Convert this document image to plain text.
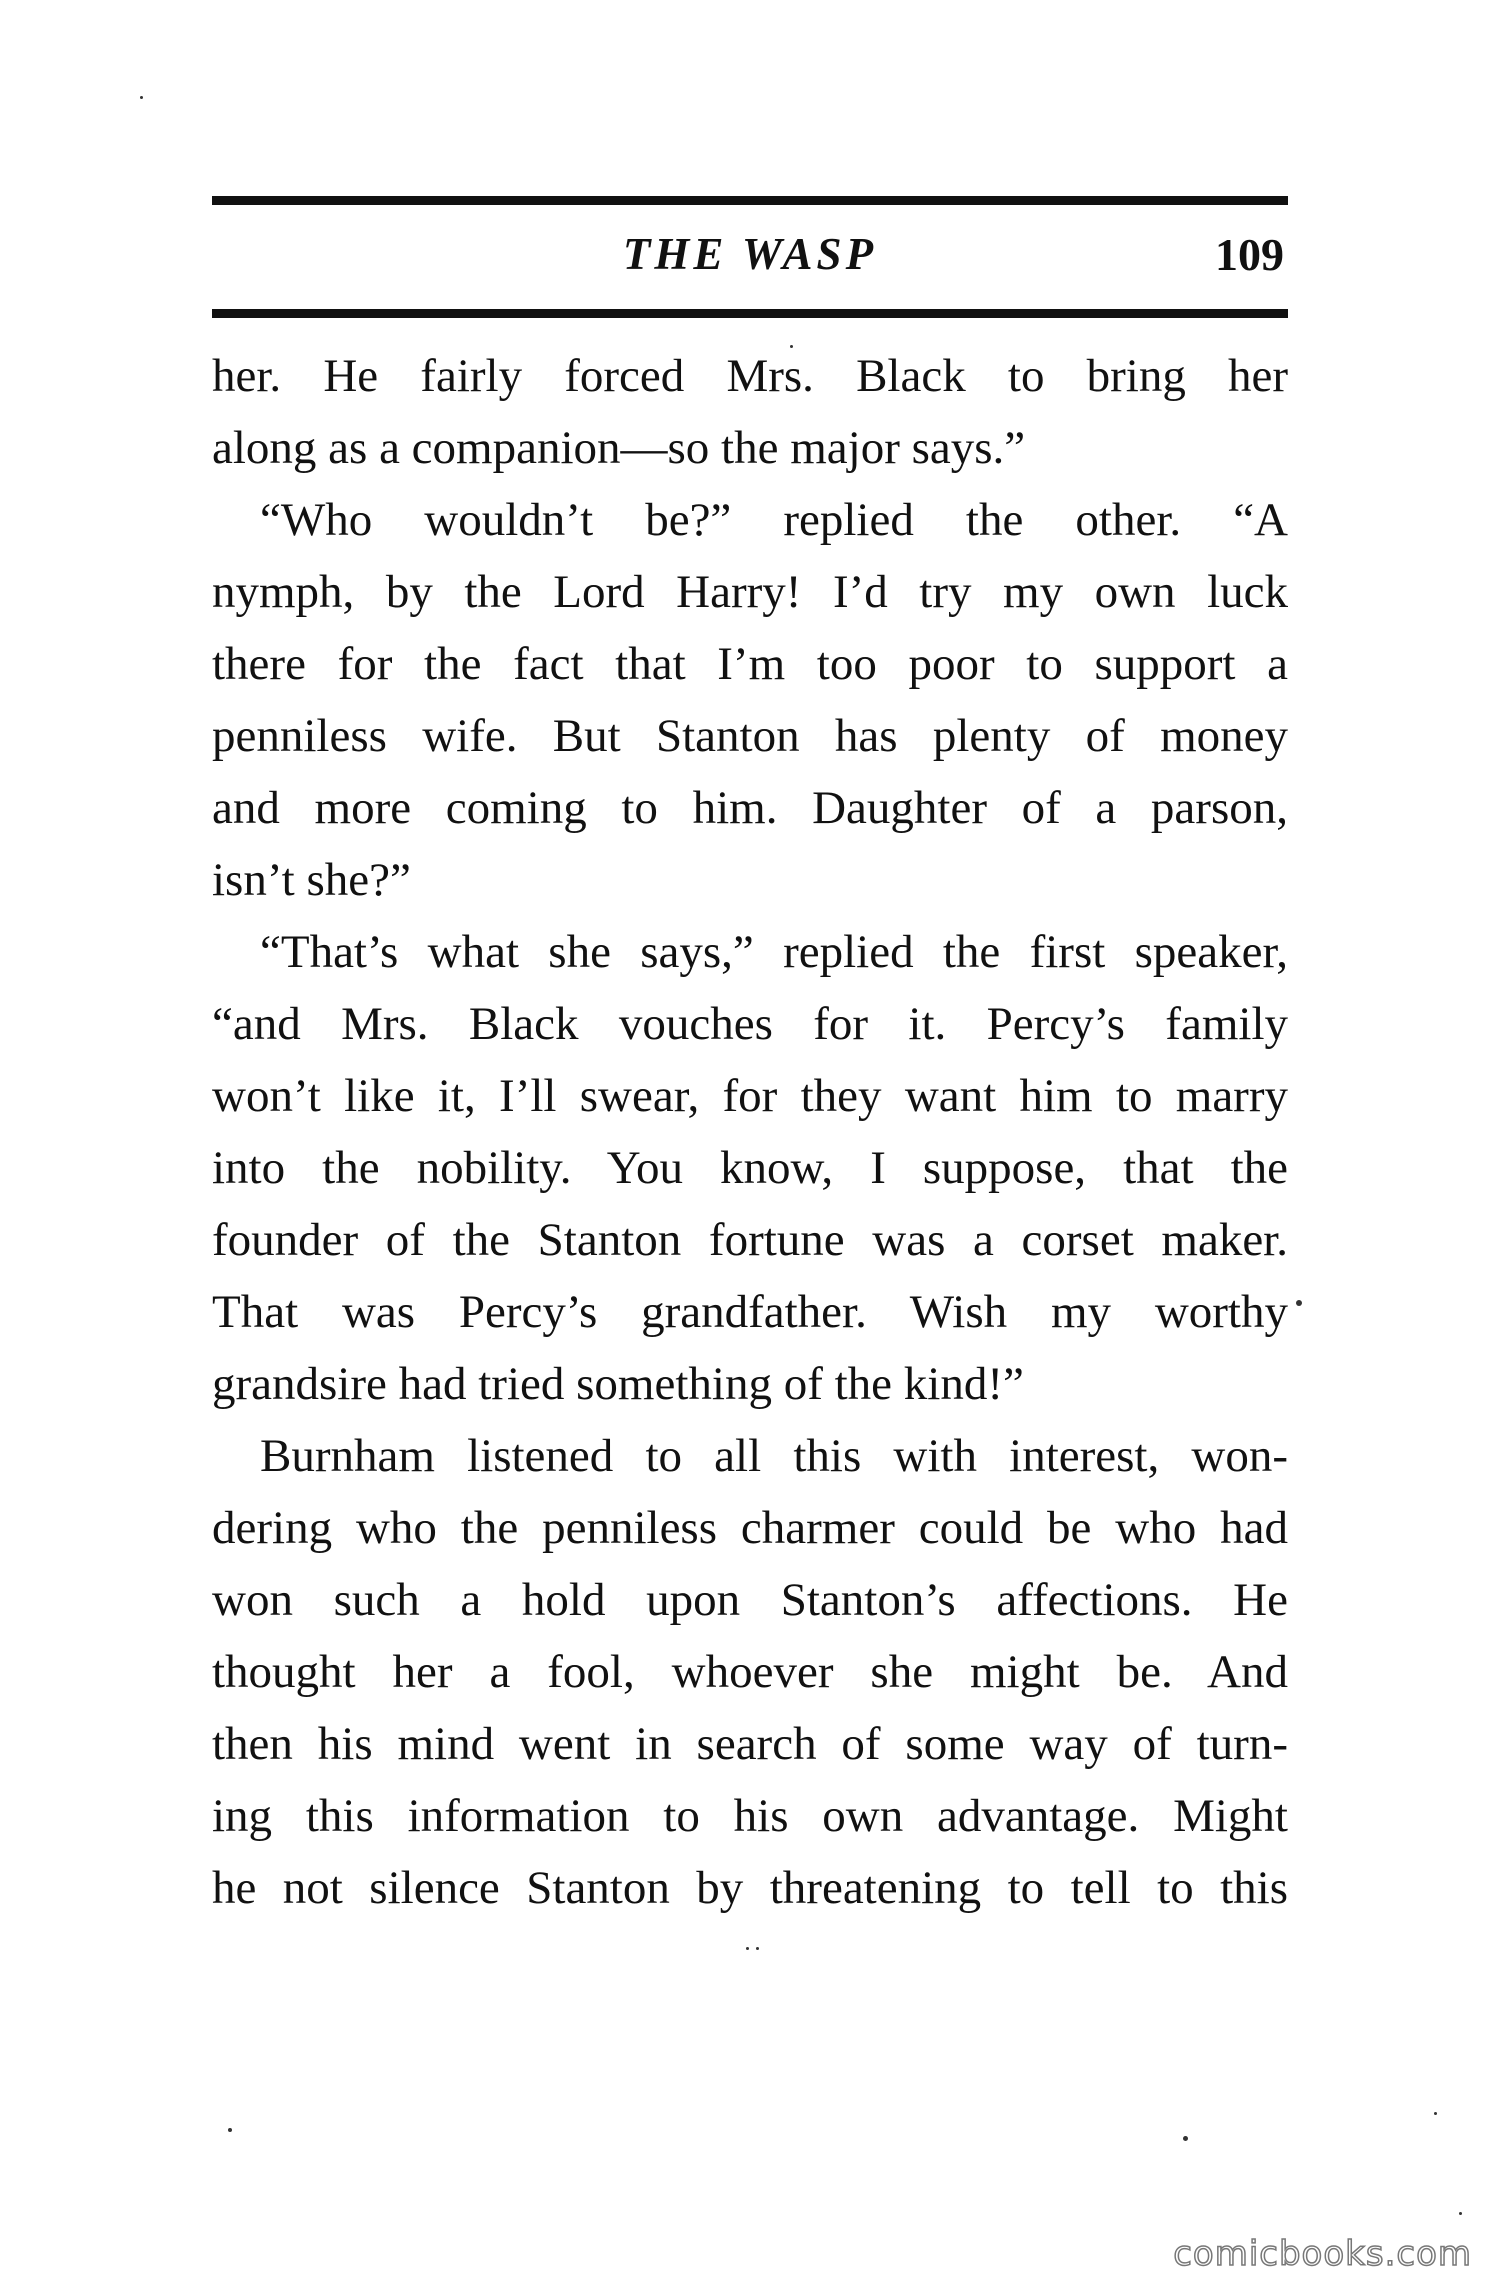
THE WASP	109
her. He fairly forced Mrs. Black to bring her
along as a companion—so the major says.”
“Who wouldn’t be?” replied the other. “A
nymph, by the Lord Harry! I’d try my own luck
there for the fact that I’m too poor to support a
penniless wife. But Stanton has plenty of money
and more coming to him. Daughter of a parson,
isn’t she?”
“That’s what she says,” replied the first speaker,
“and Mrs. Black vouches for it. Percy’s family
won’t like it, I’ll swear, for they want him to marry
into the nobility. You know, I suppose, that the
founder of the Stanton fortune was a corset maker.
That was Percy’s grandfather. Wish my worthy
grandsire had tried something of the kind!”
Burnham listened to all this with interest, won-
dering who the penniless charmer could be who had
won such a hold upon Stanton’s affections. He
thought her a fool, whoever she might be. And
then his mind went in search of some way of turn-
ing this information to his own advantage. Might
he not silence Stanton by threatening to tell to this
comicbooks.com
